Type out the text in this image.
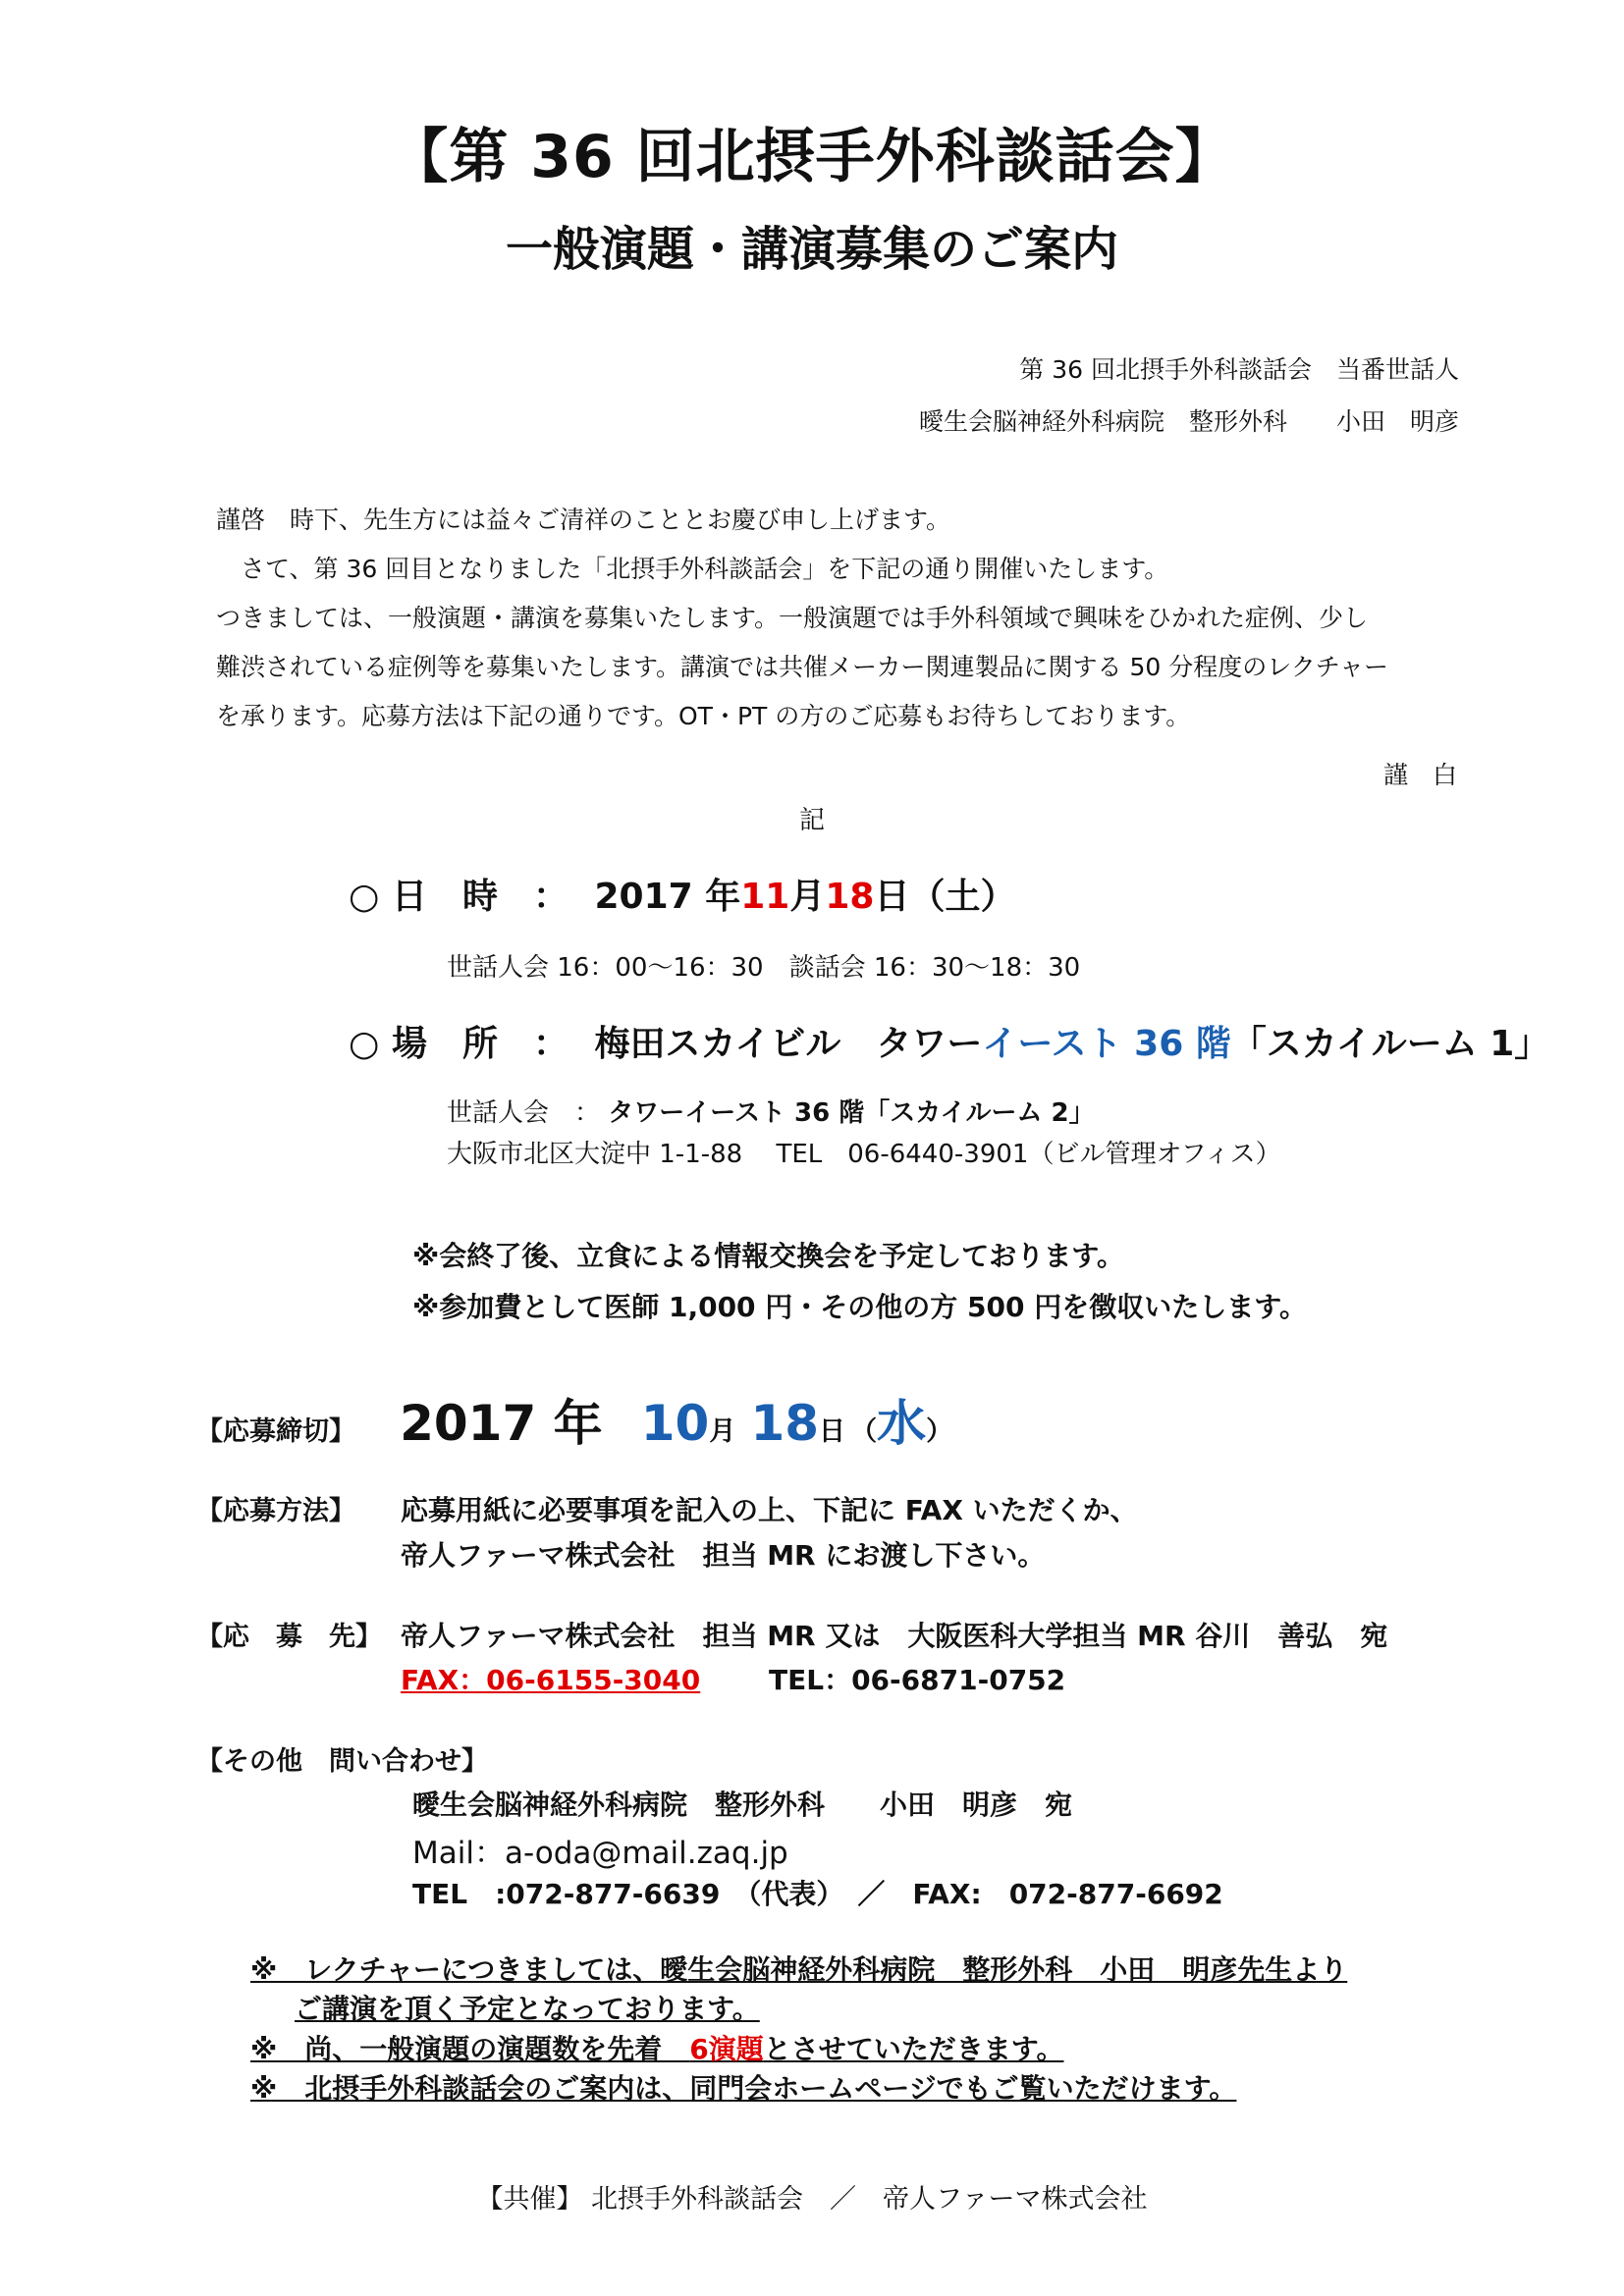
【第 36 回北摂手外科談話会】
一般演題・講演募集のご案内
第 36 回北摂手外科談話会　当番世話人
曖生会脳神経外科病院　整形外科　　小田　明彦
謹啓　時下、先生方には益々ご清祥のこととお慶び申し上げます。
　さて、第 36 回目となりました「北摂手外科談話会」を下記の通り開催いたします。
つきましては、一般演題・講演を募集いたします。一般演題では手外科領域で興味をひかれた症例、少し
難渋されている症例等を募集いたします。講演では共催メーカー関連製品に関する 50 分程度のレクチャー
を承ります。応募方法は下記の通りです。OT・PT の方のご応募もお待ちしております。
謹　白
記
○ 日　時　： 2017 年11月18日（土）
世話人会 16：00～16：30　談話会 16：30～18：30
○ 場　所　： 梅田スカイビル　タワーイースト 36 階「スカイルーム 1」
世話人会　： タワーイースト 36 階「スカイルーム 2」
大阪市北区大淀中 1-1-88　 TEL　06-6440-3901（ビル管理オフィス）
※会終了後、立食による情報交換会を予定しております。
※参加費として医師 1,000 円・その他の方 500 円を徴収いたします。
【応募締切】 2017 年 10月 18日 （水）
【応募方法】 応募用紙に必要事項を記入の上、下記に FAX いただくか、
帝人ファーマ株式会社　担当 MR にお渡し下さい。
【応　募　先】 帝人ファーマ株式会社　担当 MR 又は　大阪医科大学担当 MR 谷川　善弘　宛
FAX：06-6155-3040 TEL：06-6871-0752
【その他　問い合わせ】
曖生会脳神経外科病院　整形外科　　小田　明彦　宛
Mail：a-oda@mail.zaq.jp
TEL　:072-877-6639　（代表）　／　FAX:　072-877-6692
※　レクチャーにつきましては、曖生会脳神経外科病院　整形外科　小田　明彦先生より
ご講演を頂く予定となっております。
※　尚、一般演題の演題数を先着　6演題とさせていただきます。
※　北摂手外科談話会のご案内は、同門会ホームページでもご覧いただけます。
【共催】 北摂手外科談話会　／　帝人ファーマ株式会社
